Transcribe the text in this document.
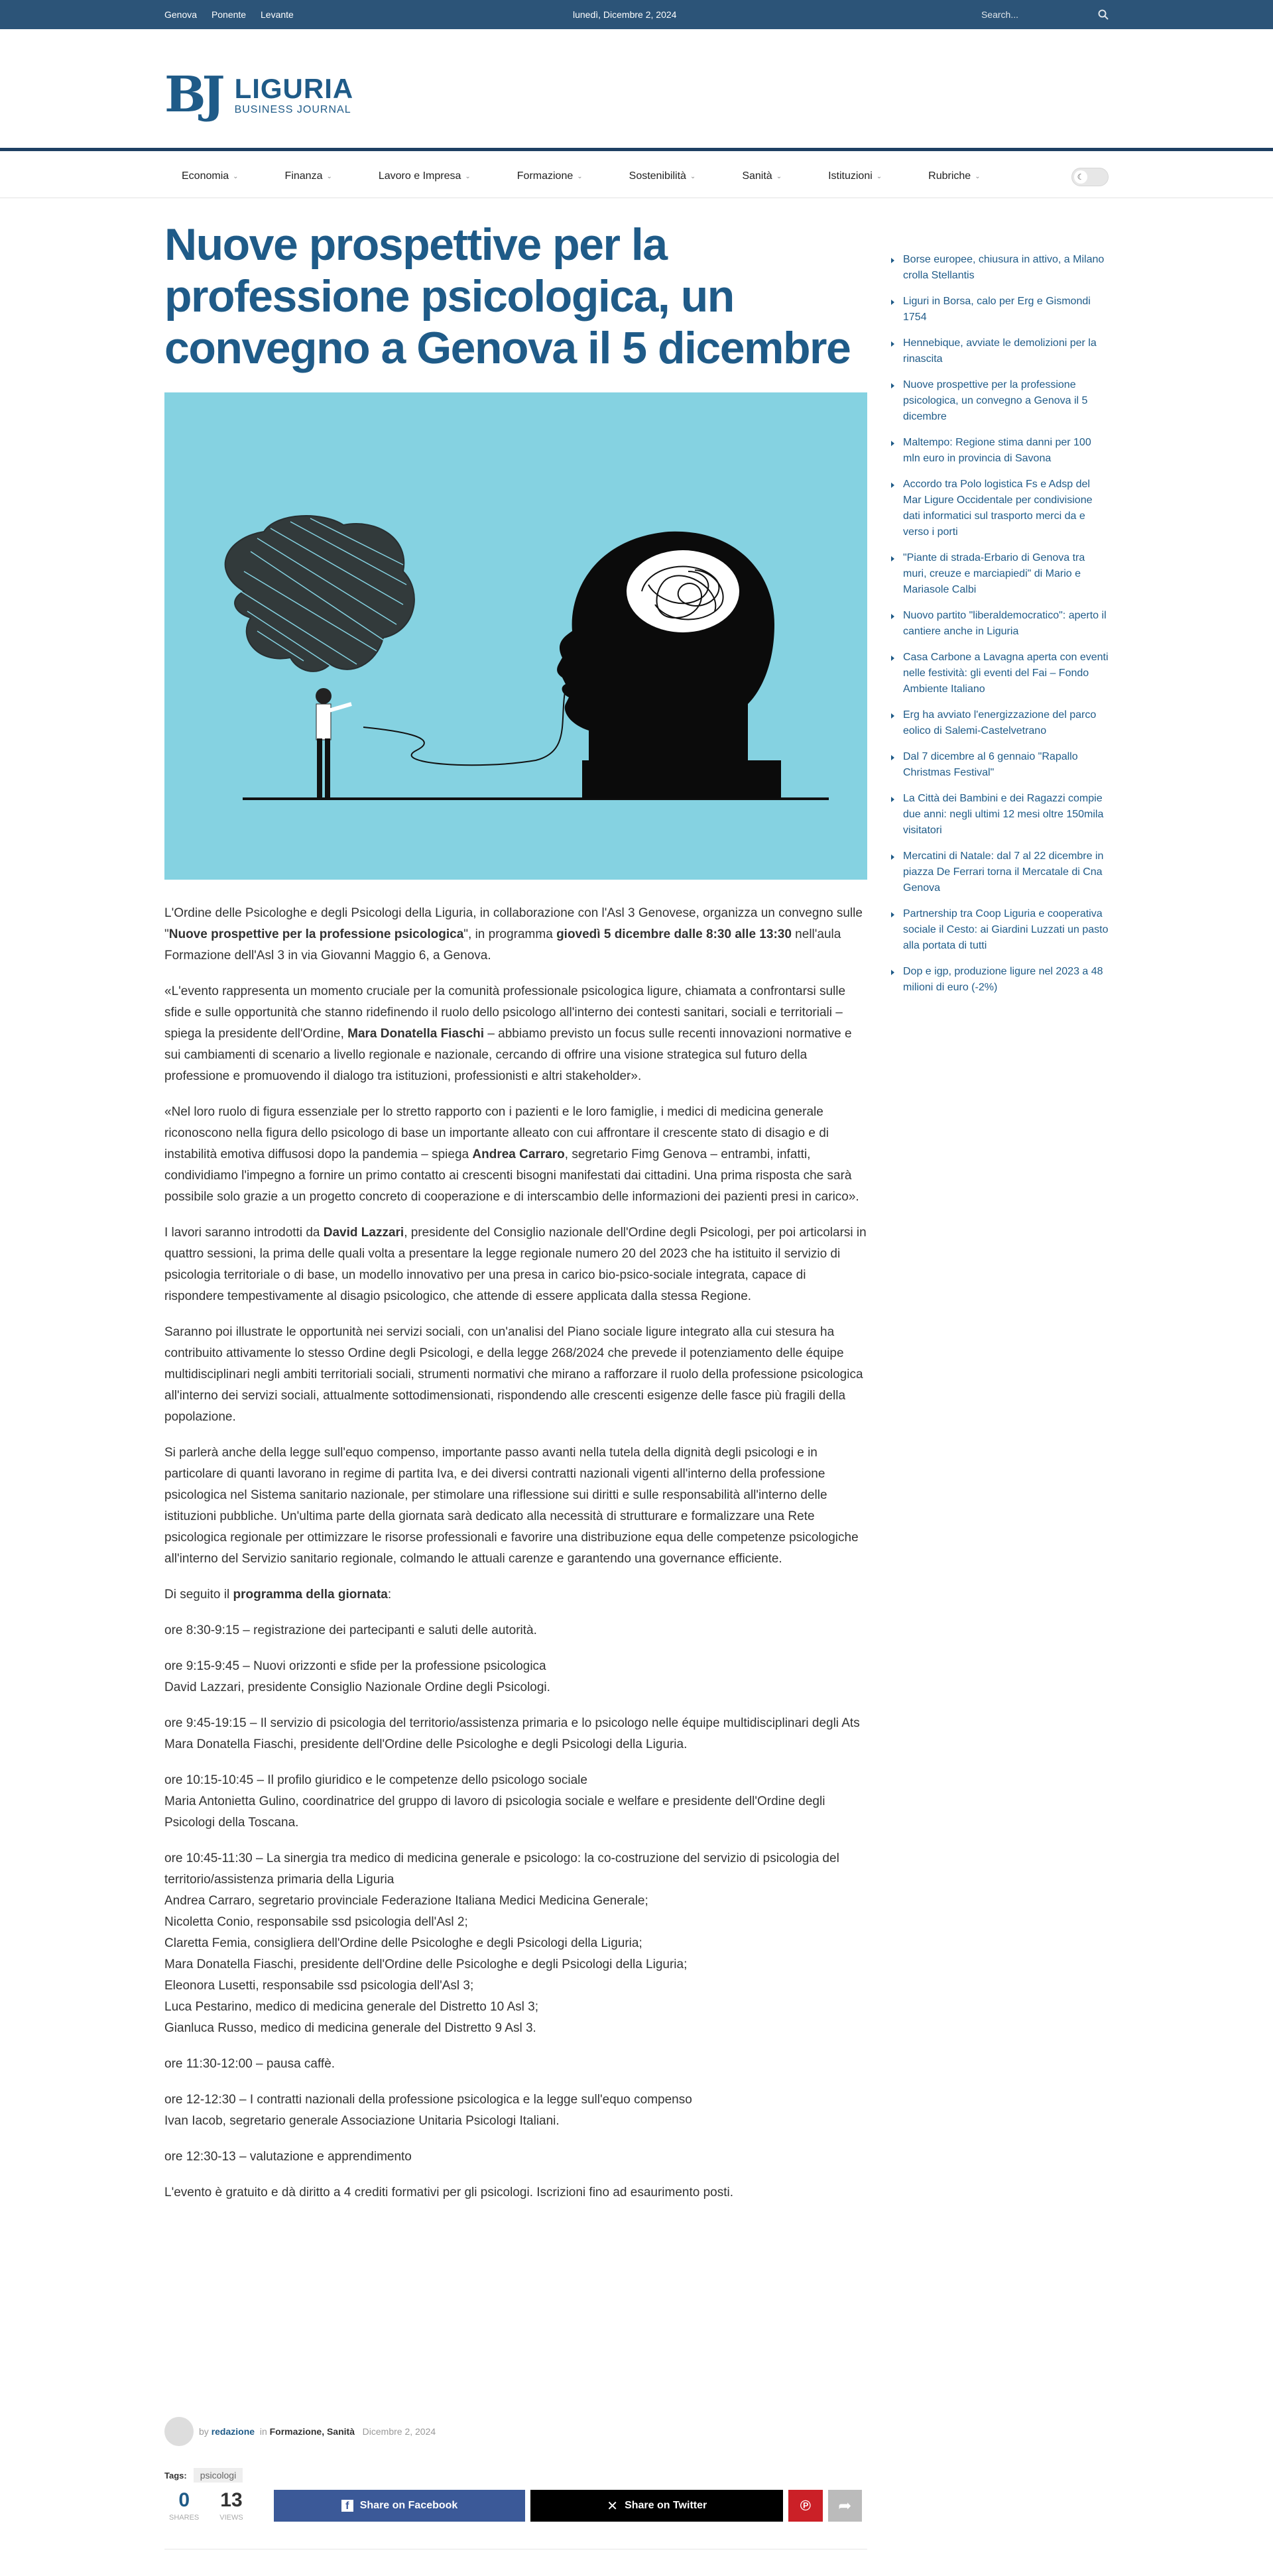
Genova Ponente Levante	lunedì, Dicembre 2, 2024	Search...
BJ LIGURIA
BUSINESS JOURNAL
Economia ⌄	Finanza ⌄	Lavoro e Impresa ⌄	Formazione ⌄	Sostenibilità ⌄	Sanità ⌄	Istituzioni ⌄	Rubriche ⌄	☾
Nuove prospettive per la professione psicologica, un convegno a Genova il 5 dicembre

L'Ordine delle Psicologhe e degli Psicologi della Liguria, in collaborazione con l'Asl 3 Genovese, organizza un convegno sulle "Nuove prospettive per la professione psicologica", in programma giovedì 5 dicembre dalle 8:30 alle 13:30 nell'aula Formazione dell'Asl 3 in via Giovanni Maggio 6, a Genova.

«L'evento rappresenta un momento cruciale per la comunità professionale psicologica ligure, chiamata a confrontarsi sulle sfide e sulle opportunità che stanno ridefinendo il ruolo dello psicologo all'interno dei contesti sanitari, sociali e territoriali – spiega la presidente dell'Ordine, Mara Donatella Fiaschi – abbiamo previsto un focus sulle recenti innovazioni normative e sui cambiamenti di scenario a livello regionale e nazionale, cercando di offrire una visione strategica sul futuro della professione e promuovendo il dialogo tra istituzioni, professionisti e altri stakeholder».

«Nel loro ruolo di figura essenziale per lo stretto rapporto con i pazienti e le loro famiglie, i medici di medicina generale riconoscono nella figura dello psicologo di base un importante alleato con cui affrontare il crescente stato di disagio e di instabilità emotiva diffusosi dopo la pandemia – spiega Andrea Carraro, segretario Fimg Genova – entrambi, infatti, condividiamo l'impegno a fornire un primo contatto ai crescenti bisogni manifestati dai cittadini. Una prima risposta che sarà possibile solo grazie a un progetto concreto di cooperazione e di interscambio delle informazioni dei pazienti presi in carico».

I lavori saranno introdotti da David Lazzari, presidente del Consiglio nazionale dell'Ordine degli Psicologi, per poi articolarsi in quattro sessioni, la prima delle quali volta a presentare la legge regionale numero 20 del 2023 che ha istituito il servizio di psicologia territoriale o di base, un modello innovativo per una presa in carico bio-psico-sociale integrata, capace di rispondere tempestivamente al disagio psicologico, che attende di essere applicata dalla stessa Regione.

Saranno poi illustrate le opportunità nei servizi sociali, con un'analisi del Piano sociale ligure integrato alla cui stesura ha contribuito attivamente lo stesso Ordine degli Psicologi, e della legge 268/2024 che prevede il potenziamento delle équipe multidisciplinari negli ambiti territoriali sociali, strumenti normativi che mirano a rafforzare il ruolo della professione psicologica all'interno dei servizi sociali, attualmente sottodimensionati, rispondendo alle crescenti esigenze delle fasce più fragili della popolazione.

Si parlerà anche della legge sull'equo compenso, importante passo avanti nella tutela della dignità degli psicologi e in particolare di quanti lavorano in regime di partita Iva, e dei diversi contratti nazionali vigenti all'interno della professione psicologica nel Sistema sanitario nazionale, per stimolare una riflessione sui diritti e sulle responsabilità all'interno delle istituzioni pubbliche. Un'ultima parte della giornata sarà dedicato alla necessità di strutturare e formalizzare una Rete psicologica regionale per ottimizzare le risorse professionali e favorire una distribuzione equa delle competenze psicologiche all'interno del Servizio sanitario regionale, colmando le attuali carenze e garantendo una governance efficiente.

Di seguito il programma della giornata:

ore 8:30-9:15 – registrazione dei partecipanti e saluti delle autorità.

ore 9:15-9:45 – Nuovi orizzonti e sfide per la professione psicologica
David Lazzari, presidente Consiglio Nazionale Ordine degli Psicologi.

ore 9:45-19:15 – Il servizio di psicologia del territorio/assistenza primaria e lo psicologo nelle équipe multidisciplinari degli Ats
Mara Donatella Fiaschi, presidente dell'Ordine delle Psicologhe e degli Psicologi della Liguria.

ore 10:15-10:45 – Il profilo giuridico e le competenze dello psicologo sociale
Maria Antonietta Gulino, coordinatrice del gruppo di lavoro di psicologia sociale e welfare e presidente dell'Ordine degli Psicologi della Toscana.

ore 10:45-11:30 – La sinergia tra medico di medicina generale e psicologo: la co-costruzione del servizio di psicologia del territorio/assistenza primaria della Liguria
Andrea Carraro, segretario provinciale Federazione Italiana Medici Medicina Generale;
Nicoletta Conio, responsabile ssd psicologia dell'Asl 2;
Claretta Femia, consigliera dell'Ordine delle Psicologhe e degli Psicologi della Liguria;
Mara Donatella Fiaschi, presidente dell'Ordine delle Psicologhe e degli Psicologi della Liguria;
Eleonora Lusetti, responsabile ssd psicologia dell'Asl 3;
Luca Pestarino, medico di medicina generale del Distretto 10 Asl 3;
Gianluca Russo, medico di medicina generale del Distretto 9 Asl 3.

ore 11:30-12:00 – pausa caffè.

ore 12-12:30 – I contratti nazionali della professione psicologica e la legge sull'equo compenso
Ivan Iacob, segretario generale Associazione Unitaria Psicologi Italiani.

ore 12:30-13 – valutazione e apprendimento

L'evento è gratuito e dà diritto a 4 crediti formativi per gli psicologi. Iscrizioni fino ad esaurimento posti.

by
redazione
in
Formazione, Sanità
Dicembre 2, 2024
Tags:	psicologi
0
SHARES
13
VIEWS
f	Share on Facebook	✕ Share on Twitter	℗ ➦
Borse europee, chiusura in attivo, a Milano crolla Stellantis
Liguri in Borsa, calo per Erg e Gismondi 1754
Hennebique, avviate le demolizioni per la rinascita
Nuove prospettive per la professione psicologica, un convegno a Genova il 5 dicembre
Maltempo: Regione stima danni per 100 mln euro in provincia di Savona
Accordo tra Polo logistica Fs e Adsp del Mar Ligure Occidentale per condivisione dati informatici sul trasporto merci da e verso i porti
"Piante di strada-Erbario di Genova tra muri, creuze e marciapiedi" di Mario e Mariasole Calbi
Nuovo partito "liberaldemocratico": aperto il cantiere anche in Liguria
Casa Carbone a Lavagna aperta con eventi nelle festività: gli eventi del Fai – Fondo Ambiente Italiano
Erg ha avviato l'energizzazione del parco eolico di Salemi-Castelvetrano
Dal 7 dicembre al 6 gennaio "Rapallo Christmas Festival"
La Città dei Bambini e dei Ragazzi compie due anni: negli ultimi 12 mesi oltre 150mila visitatori
Mercatini di Natale: dal 7 al 22 dicembre in piazza De Ferrari torna il Mercatale di Cna Genova
Partnership tra Coop Liguria e cooperativa sociale il Cesto: ai Giardini Luzzati un pasto alla portata di tutti
Dop e igp, produzione ligure nel 2023 a 48 milioni di euro (-2%)
